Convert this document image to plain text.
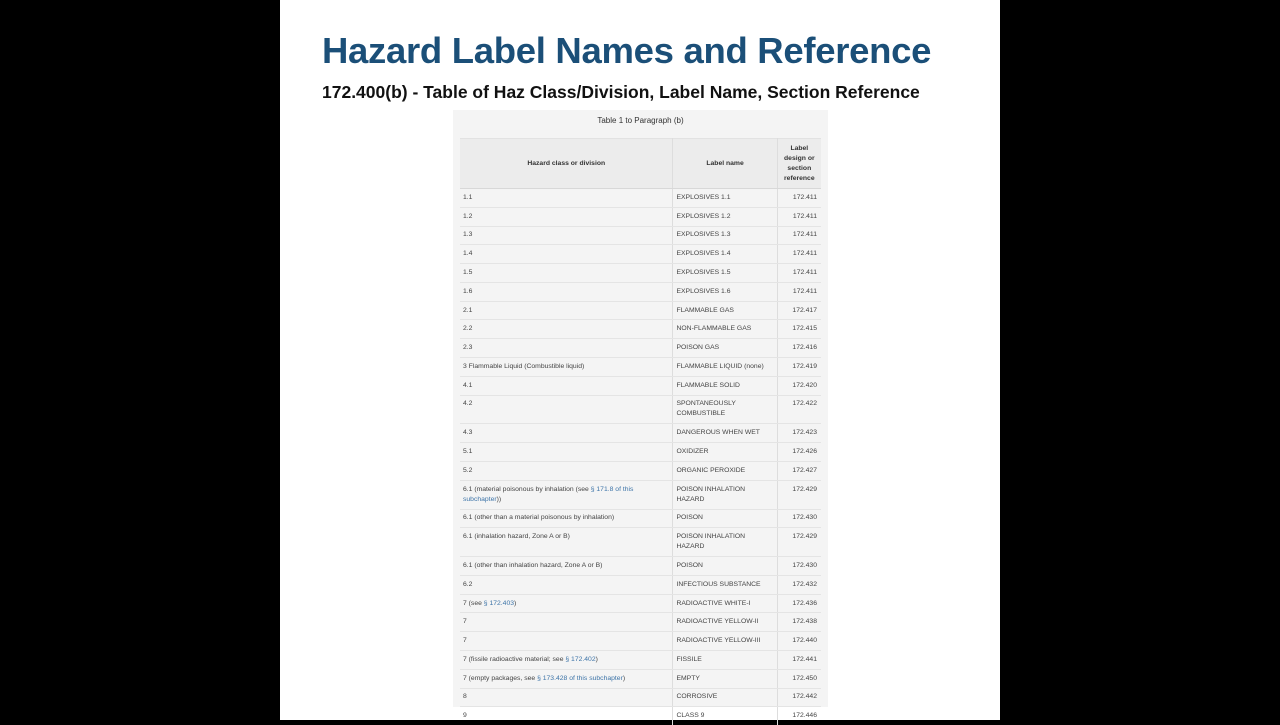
Hazard Label Names and Reference
172.400(b) - Table of Haz Class/Division, Label Name, Section Reference
Table 1 to Paragraph (b)
Hazard class or division	Label name	Label design or section reference
1.1	EXPLOSIVES 1.1	172.411
1.2	EXPLOSIVES 1.2	172.411
1.3	EXPLOSIVES 1.3	172.411
1.4	EXPLOSIVES 1.4	172.411
1.5	EXPLOSIVES 1.5	172.411
1.6	EXPLOSIVES 1.6	172.411
2.1	FLAMMABLE GAS	172.417
2.2	NON-FLAMMABLE GAS	172.415
2.3	POISON GAS	172.416
3 Flammable Liquid (Combustible liquid)	FLAMMABLE LIQUID (none)	172.419
4.1	FLAMMABLE SOLID	172.420
4.2	SPONTANEOUSLY COMBUSTIBLE	172.422
4.3	DANGEROUS WHEN WET	172.423
5.1	OXIDIZER	172.426
5.2	ORGANIC PEROXIDE	172.427
6.1 (material poisonous by inhalation (see § 171.8 of this subchapter))	POISON INHALATION HAZARD	172.429
6.1 (other than a material poisonous by inhalation)	POISON	172.430
6.1 (inhalation hazard, Zone A or B)	POISON INHALATION HAZARD	172.429
6.1 (other than inhalation hazard, Zone A or B)	POISON	172.430
6.2	INFECTIOUS SUBSTANCE	172.432
7 (see § 172.403)	RADIOACTIVE WHITE-I	172.436
7	RADIOACTIVE YELLOW-II	172.438
7	RADIOACTIVE YELLOW-III	172.440
7 (fissile radioactive material; see § 172.402)	FISSILE	172.441
7 (empty packages, see § 173.428 of this subchapter)	EMPTY	172.450
8	CORROSIVE	172.442
9	CLASS 9	172.446
